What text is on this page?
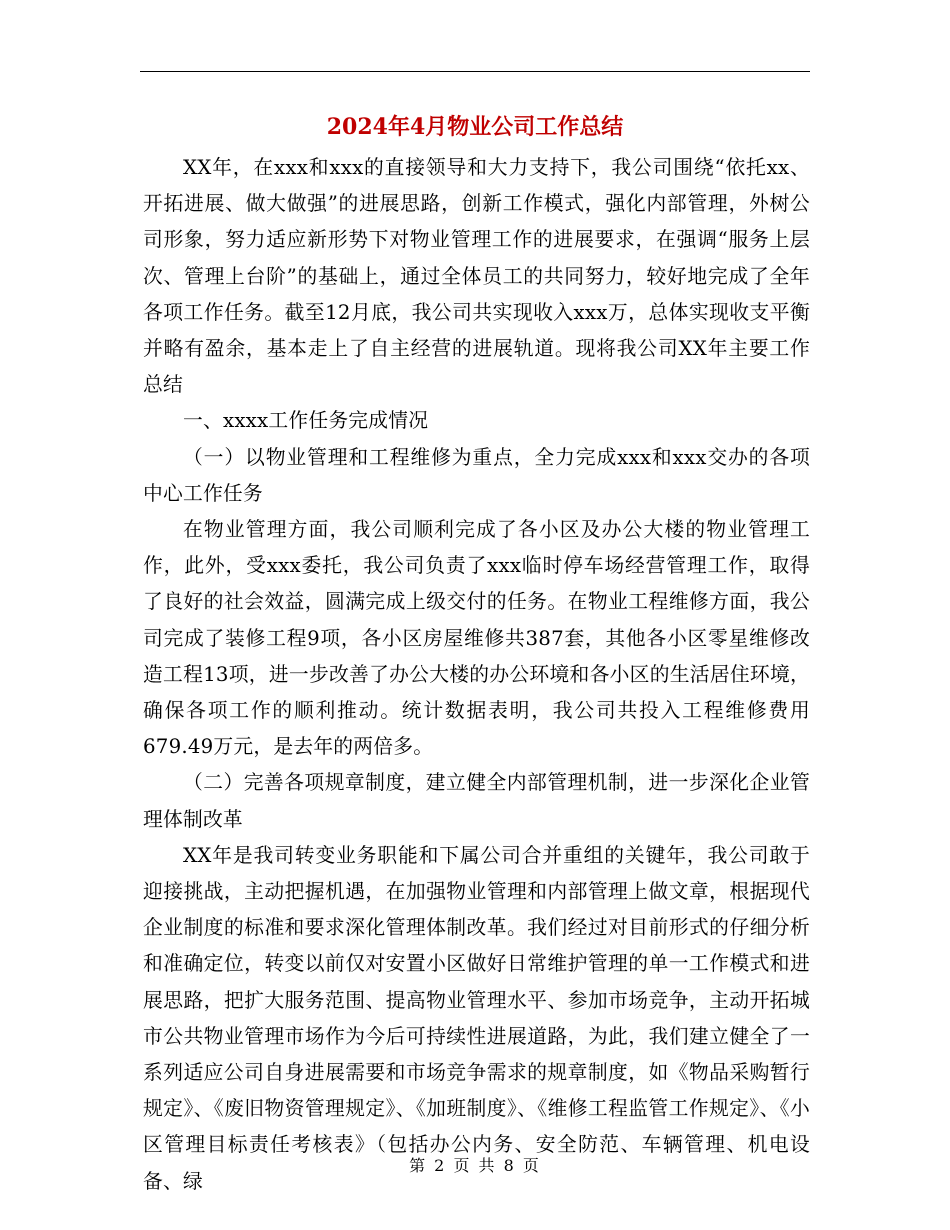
2024年4月物业公司工作总结

XX年，在xxx和xxx的直接领导和大力支持下，我公司围绕“依托xx、开拓进展、做大做强”的进展思路，创新工作模式，强化内部管理，外树公司形象，努力适应新形势下对物业管理工作的进展要求，在强调“服务上层次、管理上台阶”的基础上，通过全体员工的共同努力，较好地完成了全年各项工作任务。截至12月底，我公司共实现收入xxx万，总体实现收支平衡并略有盈余，基本走上了自主经营的进展轨道。现将我公司XX年主要工作总结

一、xxxx工作任务完成情况

（一）以物业管理和工程维修为重点，全力完成xxx和xxx交办的各项中心工作任务

在物业管理方面，我公司顺利完成了各小区及办公大楼的物业管理工作，此外，受xxx委托，我公司负责了xxx临时停车场经营管理工作，取得了良好的社会效益，圆满完成上级交付的任务。在物业工程维修方面，我公司完成了装修工程9项，各小区房屋维修共387套，其他各小区零星维修改造工程13项，进一步改善了办公大楼的办公环境和各小区的生活居住环境，确保各项工作的顺利推动。统计数据表明，我公司共投入工程维修费用679.49万元，是去年的两倍多。

（二）完善各项规章制度，建立健全内部管理机制，进一步深化企业管理体制改革

XX年是我司转变业务职能和下属公司合并重组的关键年，我公司敢于迎接挑战，主动把握机遇，在加强物业管理和内部管理上做文章，根据现代企业制度的标准和要求深化管理体制改革。我们经过对目前形式的仔细分析和准确定位，转变以前仅对安置小区做好日常维护管理的单一工作模式和进展思路，把扩大服务范围、提高物业管理水平、参加市场竞争，主动开拓城市公共物业管理市场作为今后可持续性进展道路，为此，我们建立健全了一系列适应公司自身进展需要和市场竞争需求的规章制度，如《物品采购暂行规定》、《废旧物资管理规定》、《加班制度》、《维修工程监管工作规定》、《小区管理目标责任考核表》（包括办公内务、安全防范、车辆管理、机电设备、绿

第 2 页 共 8 页
